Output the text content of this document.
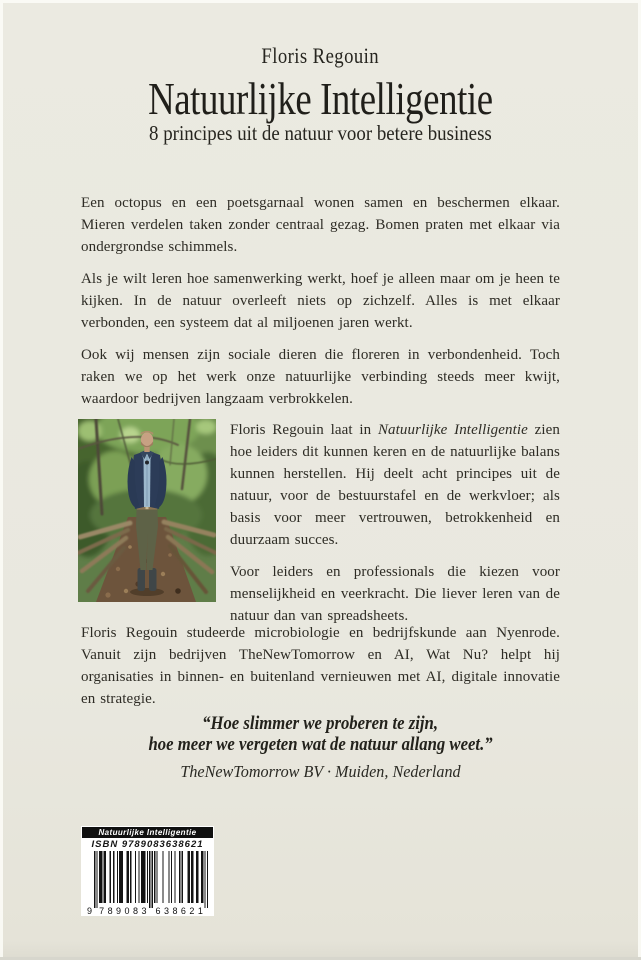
Floris Regouin
Natuurlijke Intelligentie
8 principes uit de natuur voor betere business

Een octopus en een poetsgarnaal wonen samen en beschermen elkaar. Mieren verdelen taken zonder centraal gezag. Bomen praten met elkaar via ondergrondse schimmels.

Als je wilt leren hoe samenwerking werkt, hoef je alleen maar om je heen te kijken. In de natuur overleeft niets op zichzelf. Alles is met elkaar verbonden, een systeem dat al miljoenen jaren werkt.

Ook wij mensen zijn sociale dieren die floreren in verbondenheid. Toch raken we op het werk onze natuurlijke verbinding steeds meer kwijt, waardoor bedrijven langzaam verbrokkelen.

Floris Regouin laat in Natuurlijke Intelligentie zien hoe leiders dit kunnen keren en de natuurlijke balans kunnen herstellen. Hij deelt acht principes uit de natuur, voor de bestuurstafel en de werkvloer; als basis voor meer vertrouwen, betrokkenheid en duurzaam succes.

Voor leiders en professionals die kiezen voor menselijkheid en veerkracht. Die liever leren van de natuur dan van spreadsheets.

Floris Regouin studeerde microbiologie en bedrijfskunde aan Nyenrode. Vanuit zijn bedrijven TheNewTomorrow en AI, Wat Nu? helpt hij organisaties in binnen- en buitenland vernieuwen met AI, digitale innovatie en strategie.

“Hoe slimmer we proberen te zijn,
hoe meer we vergeten wat de natuur allang weet.”
TheNewTomorrow BV · Muiden, Nederland
Natuurlijke Intelligentie
ISBN 9789083638621
9 789083 638621
